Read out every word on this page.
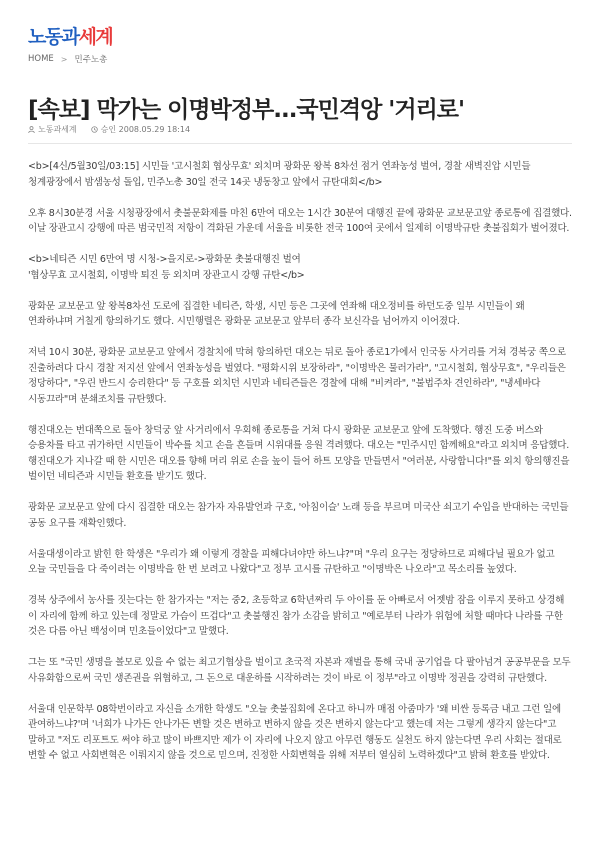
노동과세계
HOME > 민주노총
[속보] 막가는 이명박정부...국민격앙 '거리로'
노동과세계	승인 2008.05.29 18:14

<b>[4신/5월30일/03:15] 시민들 '고시철회 협상무효' 외치며 광화문 왕복 8차선 점거 연좌농성 벌여, 경찰 새벽진압 시민들 청계광장에서 밤샘농성 돌입, 민주노총 30일 전국 14곳 냉동창고 앞에서 규탄대회</b>

오후 8시30분경 서울 시청광장에서 촛불문화제를 마친 6만여 대오는 1시간 30분여 대행진 끝에 광화문 교보문고앞 종로통에 집결했다. 이날 장관고시 강행에 따른 범국민적 저항이 격화된 가운데 서울을 비롯한 전국 100여 곳에서 일제히 이명박규탄 촛불집회가 벌어졌다.

<b>네티즌 시민 6만여 명 시청->을지로->광화문 촛불대행진 벌여
'협상무효 고시철회, 이명박 퇴진 등 외치며 장관고시 강행 규탄</b>

광화문 교보문고 앞 왕복8차선 도로에 집결한 네티즌, 학생, 시민 등은 그곳에 연좌해 대오정비를 하던도중 일부 시민들이 왜 연좌하냐며 거칠게 항의하기도 했다. 시민행렬은 광화문 교보문고 앞부터 종각 보신각을 넘어까지 이어졌다.

저녁 10시 30분, 광화문 교보문고 앞에서 경찰치에 막혀 항의하던 대오는 뒤로 돌아 종로1가에서 인국동 사거리를 거쳐 경복궁 쪽으로 진출하려다 다시 경찰 저지선 앞에서 연좌농성을 벌였다. "평화시위 보장하라", "이명박은 물러가라", "고시철회, 협상무효", "우리들은 정당하다", "우린 반드시 승리한다" 등 구호를 외치던 시민과 네티즌들은 경찰에 대해 "비켜라", "불법주차 견인하라", "냉세바다 시동끄라"며 분쇄조치를 규탄했다.

행진대오는 번대쪽으로 돌아 창덕궁 앞 사거리에서 우회해 종로통을 거쳐 다시 광화문 교보문고 앞에 도착했다. 행진 도중 버스와 승용차를 타고 귀가하던 시민들이 박수를 치고 손을 흔들며 시위대를 응원 격려했다. 대오는 "민주시민 함께해요"라고 외치며 응답했다. 행진대오가 지나갈 때 한 시민은 대오를 향해 머리 위로 손을 높이 들어 하트 모양을 만들면서 "여러분, 사랑합니다!"를 외치 항의행진을 벌이던 네티즌과 시민들 환호를 받기도 했다.

광화문 교보문고 앞에 다시 집결한 대오는 참가자 자유발언과 구호, '아침이슬' 노래 등을 부르며 미국산 쇠고기 수입을 반대하는 국민들 공동 요구를 재확인했다.

서울대생이라고 밝힌 한 학생은 "우리가 왜 이렇게 경찰을 피해다녀야만 하느냐?"며 "우리 요구는 정당하므로 피해다닐 필요가 없고 오늘 국민들을 다 죽이려는 이명박을 한 번 보려고 나왔다"고 정부 고시를 규탄하고 "이명박은 나오라"고 목소리를 높였다.

경북 상주에서 농사를 짓는다는 한 참가자는 "저는 중2, 초등학교 6학년짜리 두 아이를 둔 아빠로서 어젯밤 잠을 이루지 못하고 상경해 이 자리에 함께 하고 있는데 정말로 가슴이 뜨겁다"고 촛불행진 참가 소감을 밝히고 "예로부터 나라가 위험에 처할 때마다 나라를 구한 것은 다름 아닌 백성이며 민초들이었다"고 말했다.

그는 또 "국민 생명을 볼모로 있을 수 없는 최고기협상을 벌이고 초국적 자본과 재벌을 통해 국내 공기업을 다 팔아넘겨 공공부문을 모두 사유화함으로써 국민 생존권을 위협하고, 그 돈으로 대운하를 시작하려는 것이 바로 이 정부"라고 이명박 정권을 강력히 규탄했다.

서울대 인문학부 08학번이라고 자신을 소개한 학생도 "오늘 촛불집회에 온다고 하니까 매점 아줌마가 '왜 비싼 등록금 내고 그런 일에 관여하느냐?'며 '너희가 나가든 안나가든 변할 것은 변하고 변하지 않을 것은 변하지 않는다'고 했는데 저는 그렇게 생각지 않는다"고 말하고 "저도 리포트도 써야 하고 많이 바쁘지만 제가 이 자리에 나오지 않고 아무런 행동도 실천도 하지 않는다면 우리 사회는 절대로 변할 수 없고 사회변혁은 이뤄지지 않을 것으로 믿으며, 진정한 사회변혁을 위해 저부터 열심히 노력하겠다"고 밝혀 환호를 받았다.
